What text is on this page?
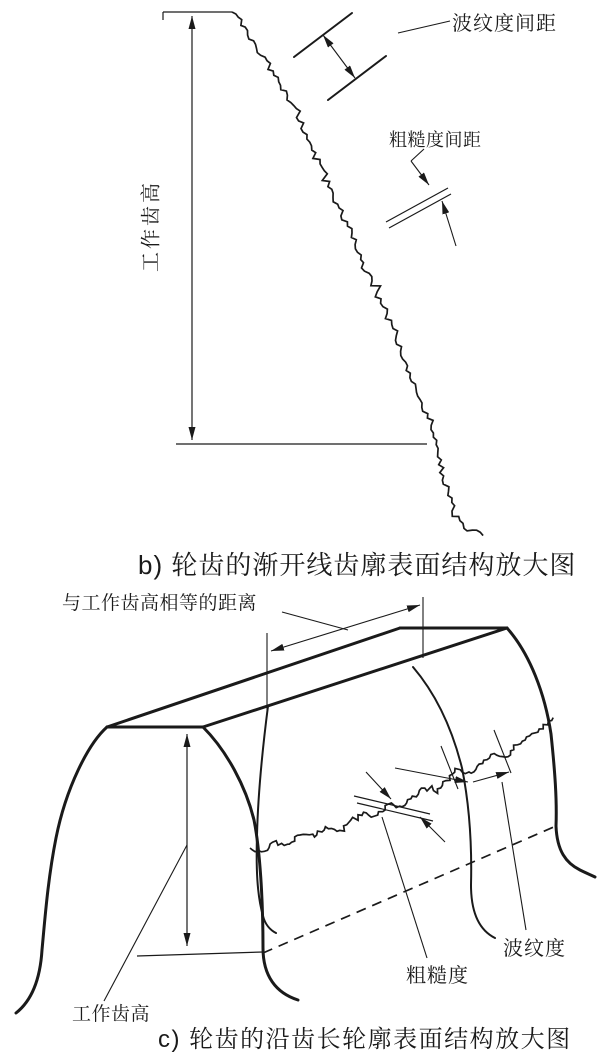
波纹度间距
粗糙度间距
工作齿高
b) 轮齿的渐开线齿廓表面结构放大图
与工作齿高相等的距离
工作齿高
波纹度
粗糙度
c) 轮齿的沿齿长轮廓表面结构放大图
